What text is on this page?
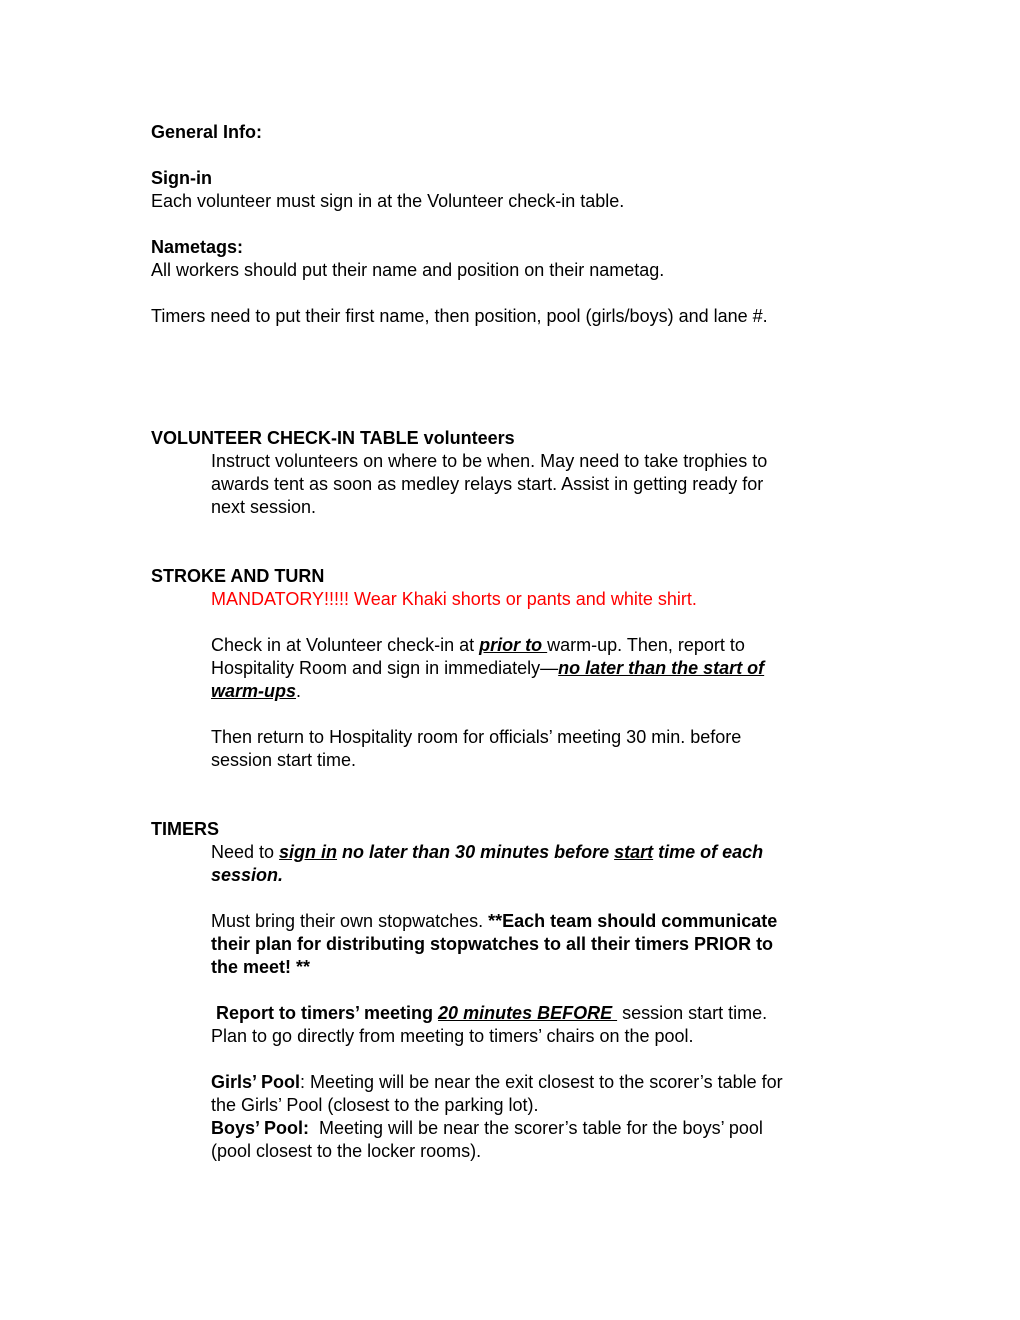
General Info:
Sign-in
Each volunteer must sign in at the Volunteer check-in table.
Nametags:
All workers should put their name and position on their nametag.
Timers need to put their first name, then position, pool (girls/boys) and lane #.
VOLUNTEER CHECK-IN TABLE volunteers
Instruct volunteers on where to be when. May need to take trophies to
awards tent as soon as medley relays start. Assist in getting ready for
next session.
STROKE AND TURN
MANDATORY!!!!! Wear Khaki shorts or pants and white shirt.
Check in at Volunteer check-in at prior to warm-up. Then, report to
Hospitality Room and sign in immediately—no later than the start of
warm-ups.
Then return to Hospitality room for officials’ meeting 30 min. before
session start time.
TIMERS
Need to sign in no later than 30 minutes before start time of each
session.
Must bring their own stopwatches. **Each team should communicate
their plan for distributing stopwatches to all their timers PRIOR to
the meet! **
Report to timers’ meeting 20 minutes BEFORE  session start time.
Plan to go directly from meeting to timers’ chairs on the pool.
Girls’ Pool: Meeting will be near the exit closest to the scorer’s table for
the Girls’ Pool (closest to the parking lot).
Boys’ Pool:  Meeting will be near the scorer’s table for the boys’ pool
(pool closest to the locker rooms).
